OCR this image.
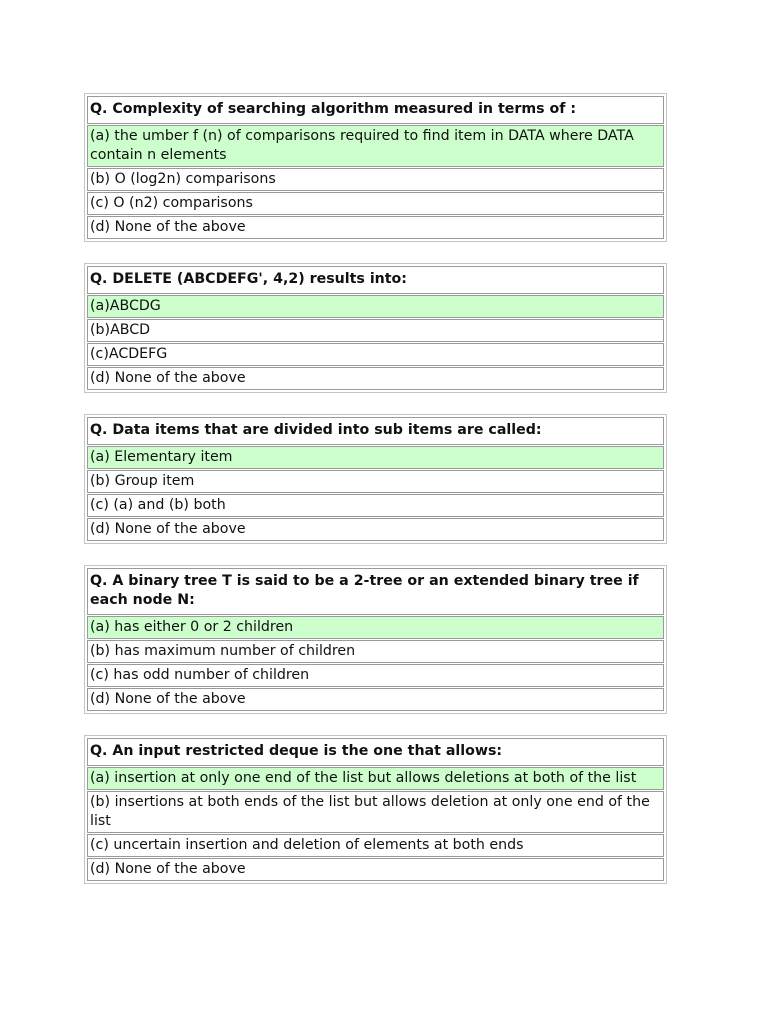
Q. Complexity of searching algorithm measured in terms of :
(a) the umber f (n) of comparisons required to find item in DATA where DATA contain n elements
(b) O (log2n) comparisons
(c) O (n2) comparisons
(d) None of the above
Q. DELETE (ABCDEFG', 4,2) results into:
(a)ABCDG
(b)ABCD
(c)ACDEFG
(d) None of the above
Q. Data items that are divided into sub items are called:
(a) Elementary item
(b) Group item
(c) (a) and (b) both
(d) None of the above
Q. A binary tree T is said to be a 2-tree or an extended binary tree if each node N:
(a) has either 0 or 2 children
(b) has maximum number of children
(c) has odd number of children
(d) None of the above
Q. An input restricted deque is the one that allows:
(a) insertion at only one end of the list but allows deletions at both of the list
(b) insertions at both ends of the list but allows deletion at only one end of the list
(c) uncertain insertion and deletion of elements at both ends
(d) None of the above
